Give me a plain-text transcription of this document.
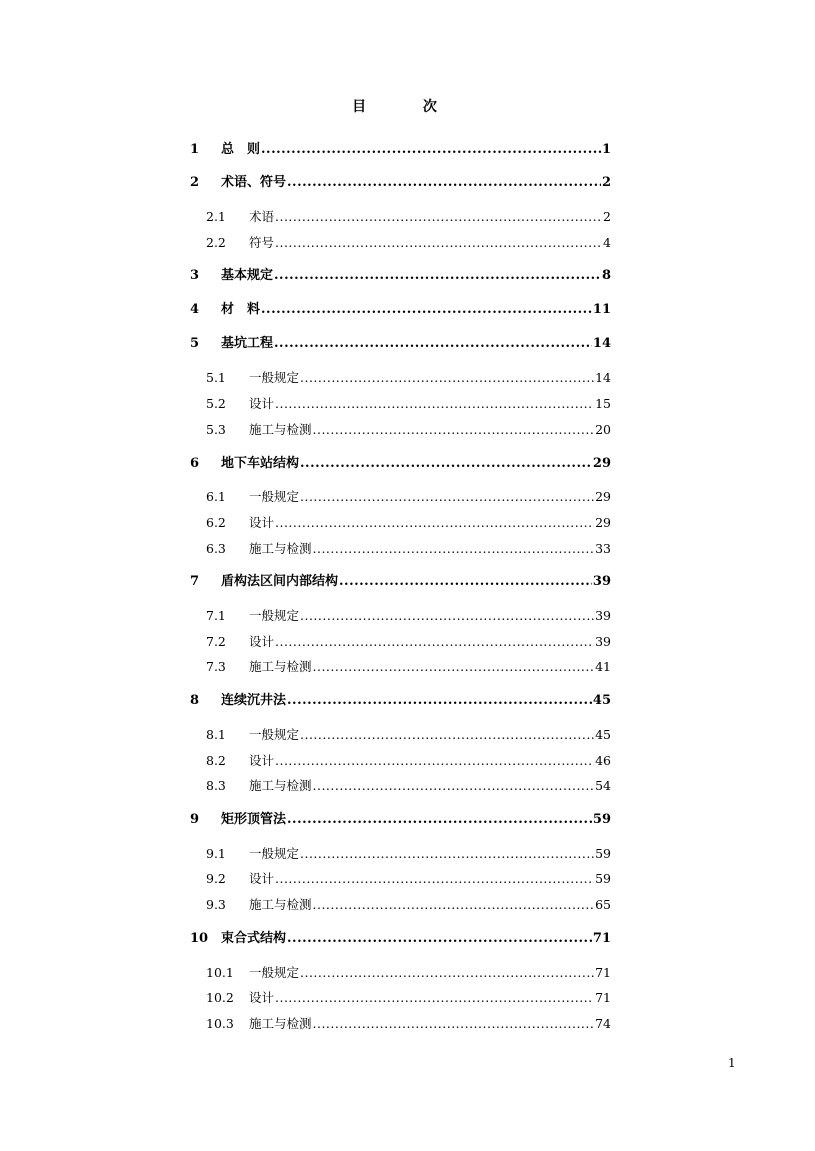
目 次
1	总　则 .....	1
2	术语、符号 .....	2
2.1	术语 .....	2
2.2	符号 .....	4
3	基本规定 .....	8
4	材　料 .....	11
5	基坑工程 .....	14
5.1	一般规定 .....	14
5.2	设计 .....	15
5.3	施工与检测 .....	20
6	地下车站结构 .....	29
6.1	一般规定 .....	29
6.2	设计 .....	29
6.3	施工与检测 .....	33
7	盾构法区间内部结构 .....	39
7.1	一般规定 .....	39
7.2	设计 .....	39
7.3	施工与检测 .....	41
8	连续沉井法 .....	45
8.1	一般规定 .....	45
8.2	设计 .....	46
8.3	施工与检测 .....	54
9	矩形顶管法 .....	59
9.1	一般规定 .....	59
9.2	设计 .....	59
9.3	施工与检测 .....	65
10 束合式结构 .....	71
10.1	一般规定 .....	71
10.2	设计 .....	71
10.3	施工与检测 .....	74
1
